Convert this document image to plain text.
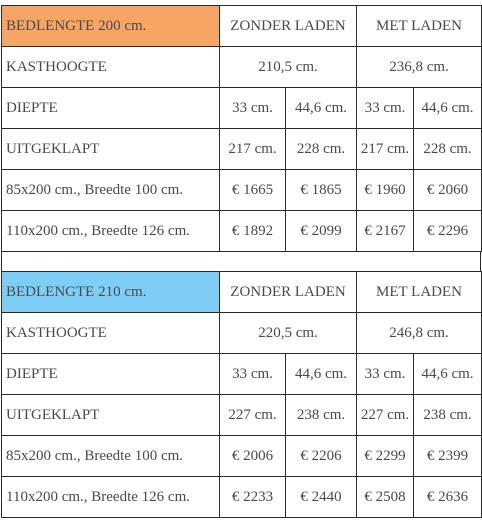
BEDLENGTE 200 cm.	ZONDER LADEN		MET LADEN	
KASTHOOGTE	210,5 cm.		236,8 cm.	
DIEPTE	33 cm.	44,6 cm.	33 cm.	44,6 cm.
UITGEKLAPT	217 cm.	228 cm.	217 cm.	228 cm.
85x200 cm., Breedte 100 cm.	€ 1665	€ 1865	€ 1960	€ 2060
110x200 cm., Breedte 126 cm.	€ 1892	€ 2099	€ 2167	€ 2296
BEDLENGTE 210 cm.	ZONDER LADEN		MET LADEN	
KASTHOOGTE	220,5 cm.		246,8 cm.	
DIEPTE	33 cm.	44,6 cm.	33 cm.	44,6 cm.
UITGEKLAPT	227 cm.	238 cm.	227 cm.	238 cm.
85x200 cm., Breedte 100 cm.	€ 2006	€ 2206	€ 2299	€ 2399
110x200 cm., Breedte 126 cm.	€ 2233	€ 2440	€ 2508	€ 2636
